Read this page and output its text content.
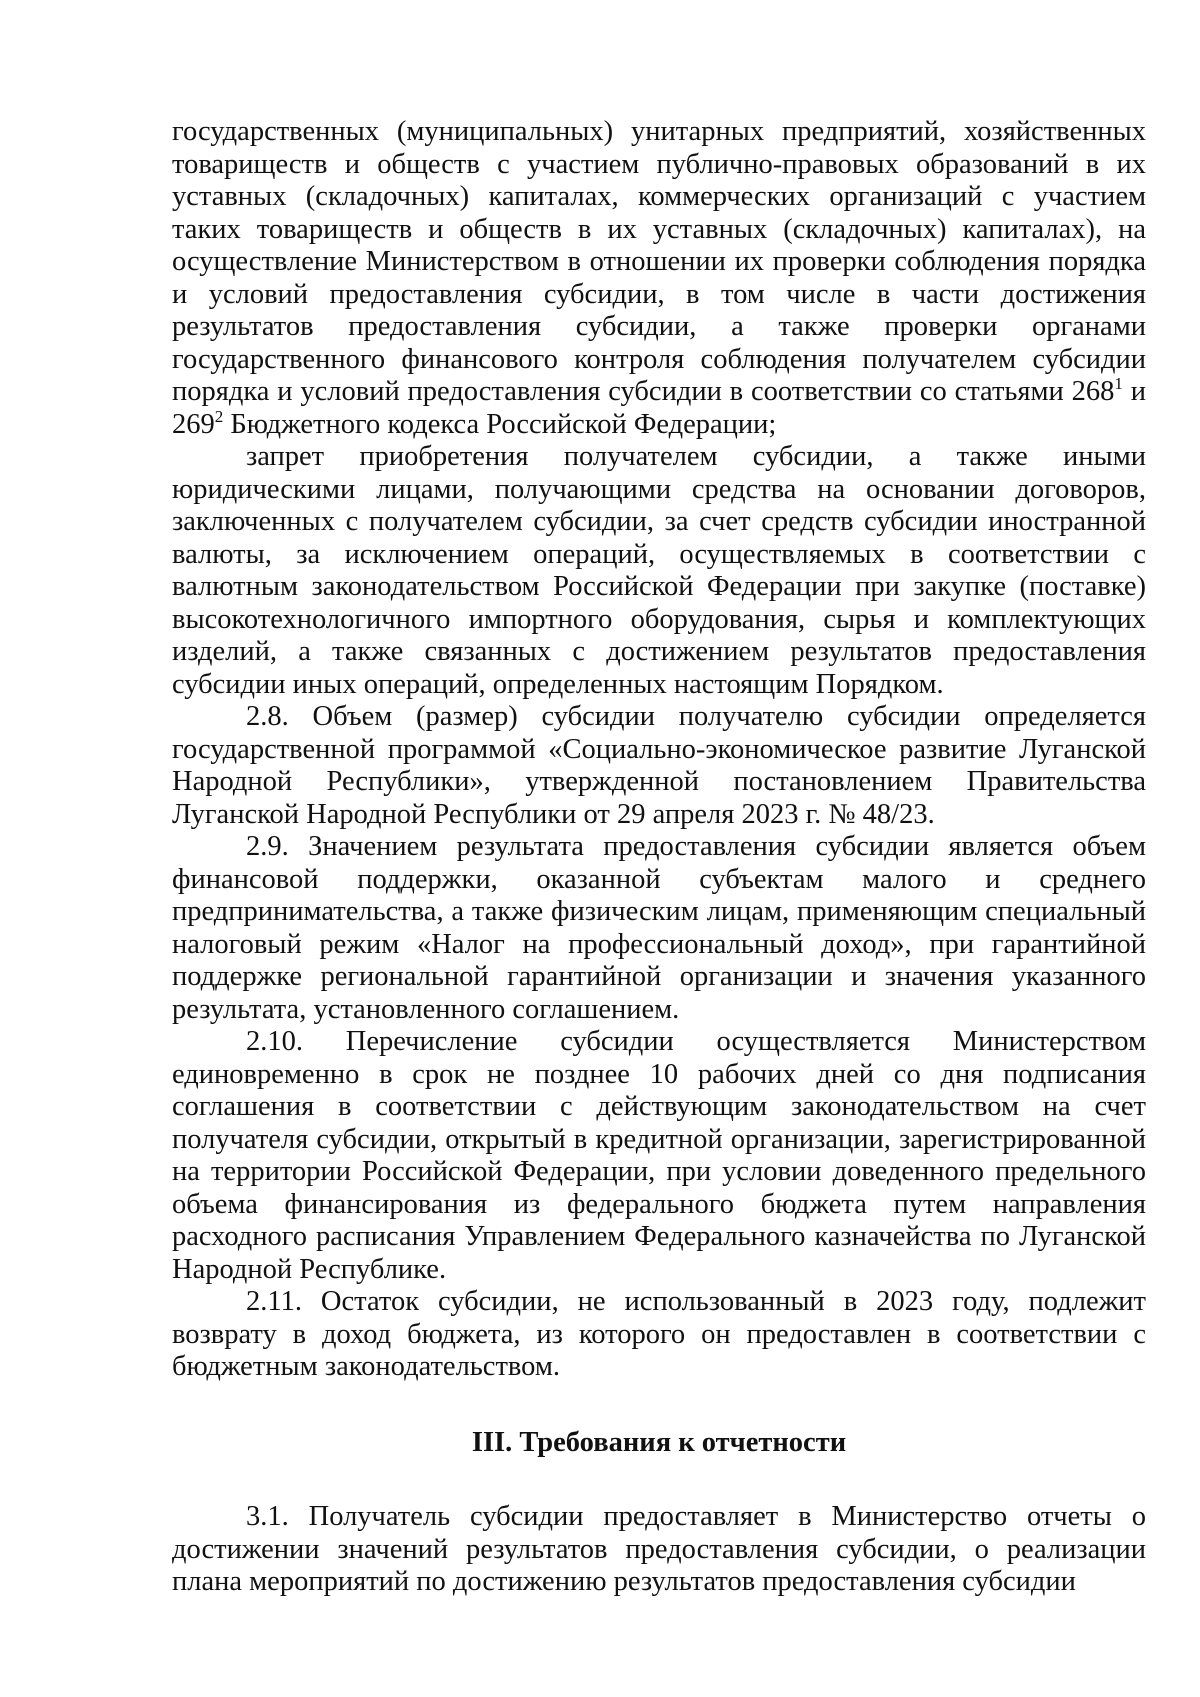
государственных (муниципальных) унитарных предприятий, хозяйственных товариществ и обществ с участием публично-правовых образований в их уставных (складочных) капиталах, коммерческих организаций с участием таких товариществ и обществ в их уставных (складочных) капиталах), на осуществление Министерством в отношении их проверки соблюдения порядка и условий предоставления субсидии, в том числе в части достижения результатов предоставления субсидии, а также проверки органами государственного финансового контроля соблюдения получателем субсидии порядка и условий предоставления субсидии в соответствии со статьями $268^1$ и $269^2$ Бюджетного кодекса Российской Федерации;

запрет приобретения получателем субсидии, а также иными юридическими лицами, получающими средства на основании договоров, заключенных с получателем субсидии, за счет средств субсидии иностранной валюты, за исключением операций, осуществляемых в соответствии с валютным законодательством Российской Федерации при закупке (поставке) высокотехнологичного импортного оборудования, сырья и комплектующих изделий, а также связанных с достижением результатов предоставления субсидии иных операций, определенных настоящим Порядком.

2.8. Объем (размер) субсидии получателю субсидии определяется государственной программой «Социально-экономическое развитие Луганской Народной Республики», утвержденной постановлением Правительства Луганской Народной Республики от 29 апреля 2023 г. № 48/23.

2.9. Значением результата предоставления субсидии является объем финансовой поддержки, оказанной субъектам малого и среднего предпринимательства, а также физическим лицам, применяющим специальный налоговый режим «Налог на профессиональный доход», при гарантийной поддержке региональной гарантийной организации и значения указанного результата, установленного соглашением.

2.10. Перечисление субсидии осуществляется Министерством единовременно в срок не позднее 10 рабочих дней со дня подписания соглашения в соответствии с действующим законодательством на счет получателя субсидии, открытый в кредитной организации, зарегистрированной на территории Российской Федерации, при условии доведенного предельного объема финансирования из федерального бюджета путем направления расходного расписания Управлением Федерального казначейства по Луганской Народной Республике.

2.11. Остаток субсидии, не использованный в 2023 году, подлежит возврату в доход бюджета, из которого он предоставлен в соответствии с бюджетным законодательством.

III. Требования к отчетности

3.1. Получатель субсидии предоставляет в Министерство отчеты о достижении значений результатов предоставления субсидии, о реализации плана мероприятий по достижению результатов предоставления субсидии
